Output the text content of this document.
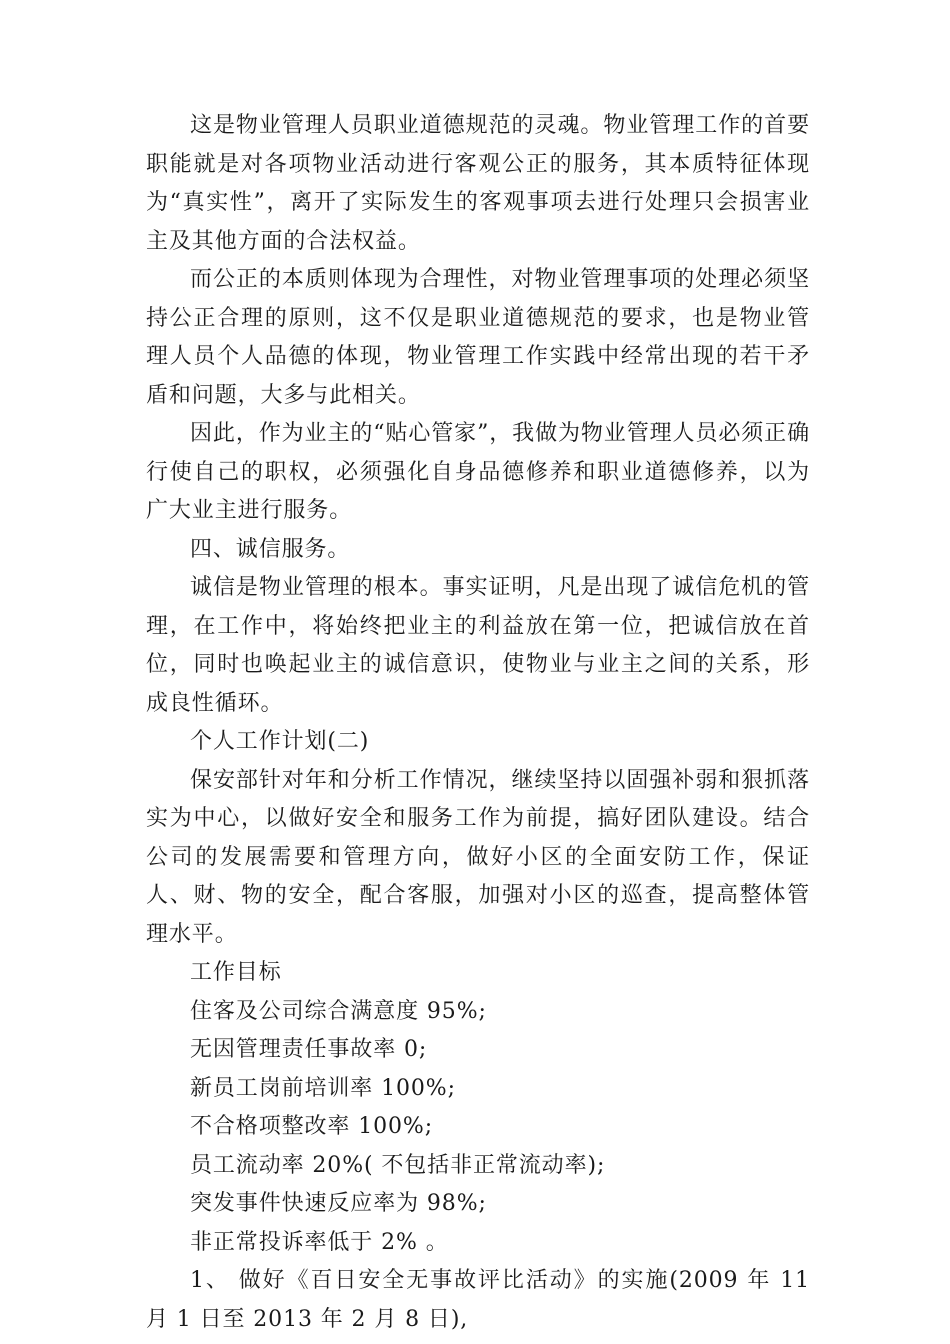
这是物业管理人员职业道德规范的灵魂。物业管理工作的首要职能就是对各项物业活动进行客观公正的服务，其本质特征体现为“真实性”，离开了实际发生的客观事项去进行处理只会损害业主及其他方面的合法权益。

而公正的本质则体现为合理性，对物业管理事项的处理必须坚持公正合理的原则，这不仅是职业道德规范的要求，也是物业管理人员个人品德的体现，物业管理工作实践中经常出现的若干矛盾和问题，大多与此相关。

因此，作为业主的“贴心管家”，我做为物业管理人员必须正确行使自己的职权，必须强化自身品德修养和职业道德修养，以为广大业主进行服务。

四、诚信服务。

诚信是物业管理的根本。事实证明，凡是出现了诚信危机的管理，在工作中，将始终把业主的利益放在第一位，把诚信放在首位，同时也唤起业主的诚信意识，使物业与业主之间的关系，形成良性循环。

个人工作计划(二)

保安部针对年和分析工作情况，继续坚持以固强补弱和狠抓落实为中心，以做好安全和服务工作为前提，搞好团队建设。结合公司的发展需要和管理方向，做好小区的全面安防工作，保证人、财、物的安全，配合客服，加强对小区的巡查，提高整体管理水平。

工作目标

住客及公司综合满意度 95%;

无因管理责任事故率 0;

新员工岗前培训率 100%;

不合格项整改率 100%;

员工流动率 20%( 不包括非正常流动率);

突发事件快速反应率为 98%;

非正常投诉率低于 2% 。

1、 做好《百日安全无事故评比活动》的实施(2009 年 11 月 1 日至 2013 年 2 月 8 日),
